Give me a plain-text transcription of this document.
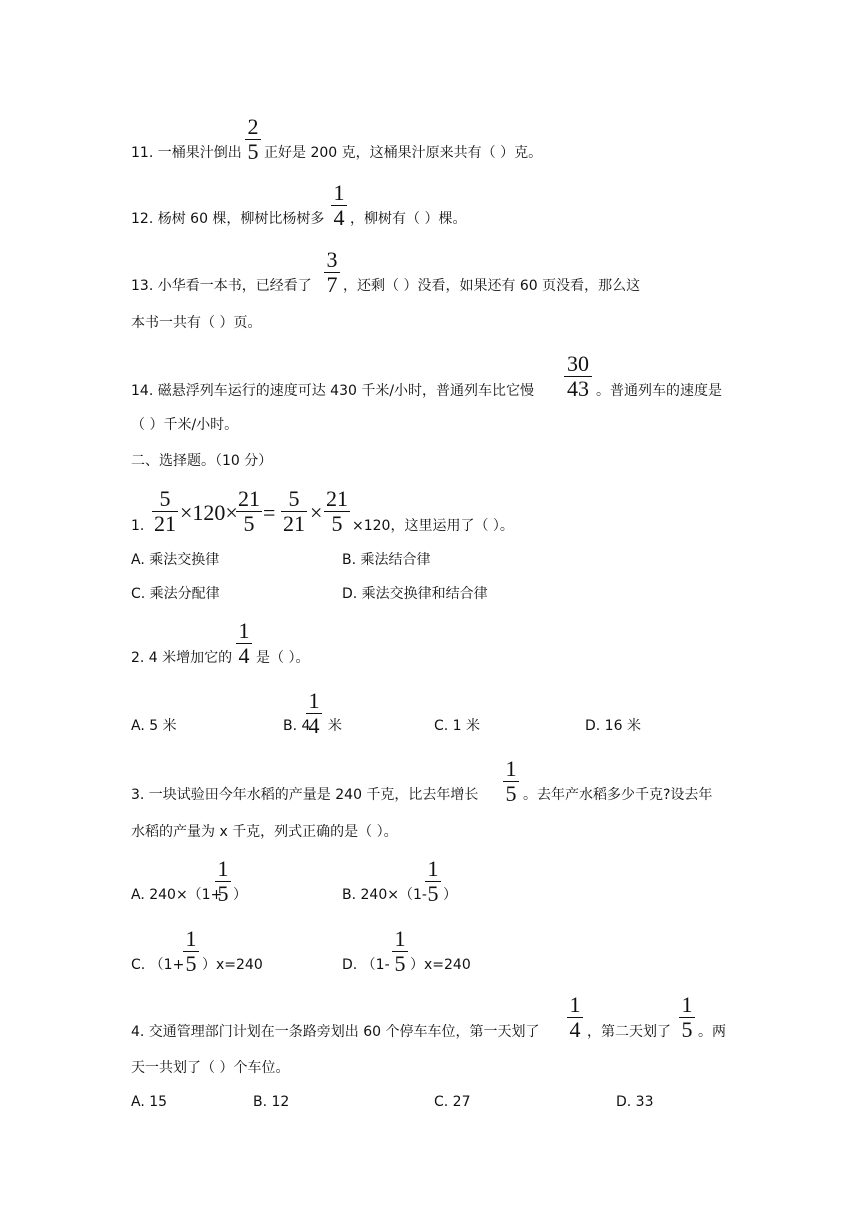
11. 一桶果汁倒出
2
5 正好是 200 克，这桶果汁原来共有（ ）克。
12. 杨树 60 棵，柳树比杨树多
1
4 ，柳树有（ ）棵。
13. 小华看一本书，已经看了
3
7 ，还剩（ ）没看，如果还有 60 页没看，那么这
本书一共有（ ）页。
14. 磁悬浮列车运行的速度可达 430 千米/小时，普通列车比它慢
30
43 。普通列车的速度是
（ ）千米/小时。
二、选择题。（10 分）
1.
5
21 ×120×
21
5 =
5
21 ×
21
5 ×120，这里运用了（ ）。
A. 乘法交换律	B. 乘法结合律
C. 乘法分配律	D. 乘法交换律和结合律
2. 4 米增加它的
1
4 是（ ）。
A. 5 米	B. 4
1
4 米	C. 1 米	D. 16 米
3. 一块试验田今年水稻的产量是 240 千克，比去年增长
1
5 。去年产水稻多少千克?设去年
水稻的产量为 x 千克，列式正确的是（ ）。
A. 240×（1+
1
5 ）	B. 240×（1-
1
5 ）
C. （1+
1
5 ）x=240	D. （1-
1
5 ）x=240
4. 交通管理部门计划在一条路旁划出 60 个停车车位，第一天划了
1
4 ，第二天划了
1
5 。两
天一共划了（ ）个车位。
A. 15	B. 12	C. 27	D. 33
